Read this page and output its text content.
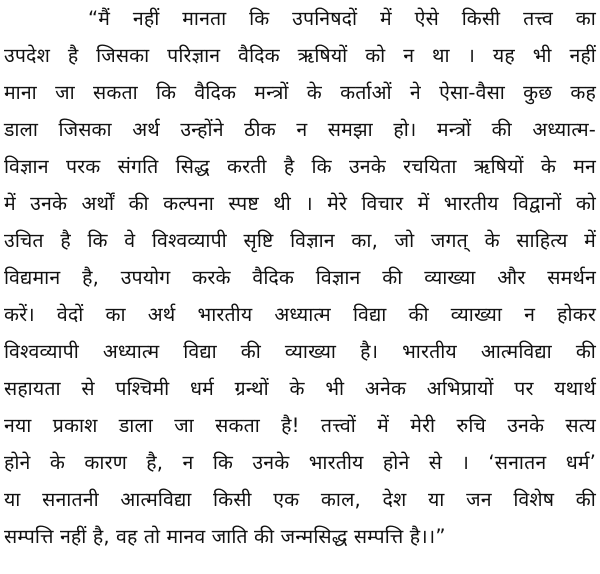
“मैं नहीं मानता कि उपनिषदों में ऐसे किसी तत्त्व का
उपदेश है जिसका परिज्ञान वैदिक ऋषियों को न था । यह भी नहीं
माना जा सकता कि वैदिक मन्त्रों के कर्ताओं ने ऐसा-वैसा कुछ कह
डाला जिसका अर्थ उन्होंने ठीक न समझा हो। मन्त्रों की अध्यात्म-
विज्ञान परक संगति सिद्ध करती है कि उनके रचयिता ऋषियों के मन
में उनके अर्थों की कल्पना स्पष्ट थी । मेरे विचार में भारतीय विद्वानों को
उचित है कि वे विश्वव्यापी सृष्टि विज्ञान का, जो जगत् के साहित्य में
विद्यमान है, उपयोग करके वैदिक विज्ञान की व्याख्या और समर्थन
करें। वेदों का अर्थ भारतीय अध्यात्म विद्या की व्याख्या न होकर
विश्वव्यापी अध्यात्म विद्या की व्याख्या है। भारतीय आत्मविद्या की
सहायता से पश्चिमी धर्म ग्रन्थों के भी अनेक अभिप्रायों पर यथार्थ
नया प्रकाश डाला जा सकता है! तत्त्वों में मेरी रुचि उनके सत्य
होने के कारण है, न कि उनके भारतीय होने से । ‘सनातन धर्म’
या सनातनी आत्मविद्या किसी एक काल, देश या जन विशेष की
सम्पत्ति नहीं है, वह तो मानव जाति की जन्मसिद्ध सम्पत्ति है।।”
